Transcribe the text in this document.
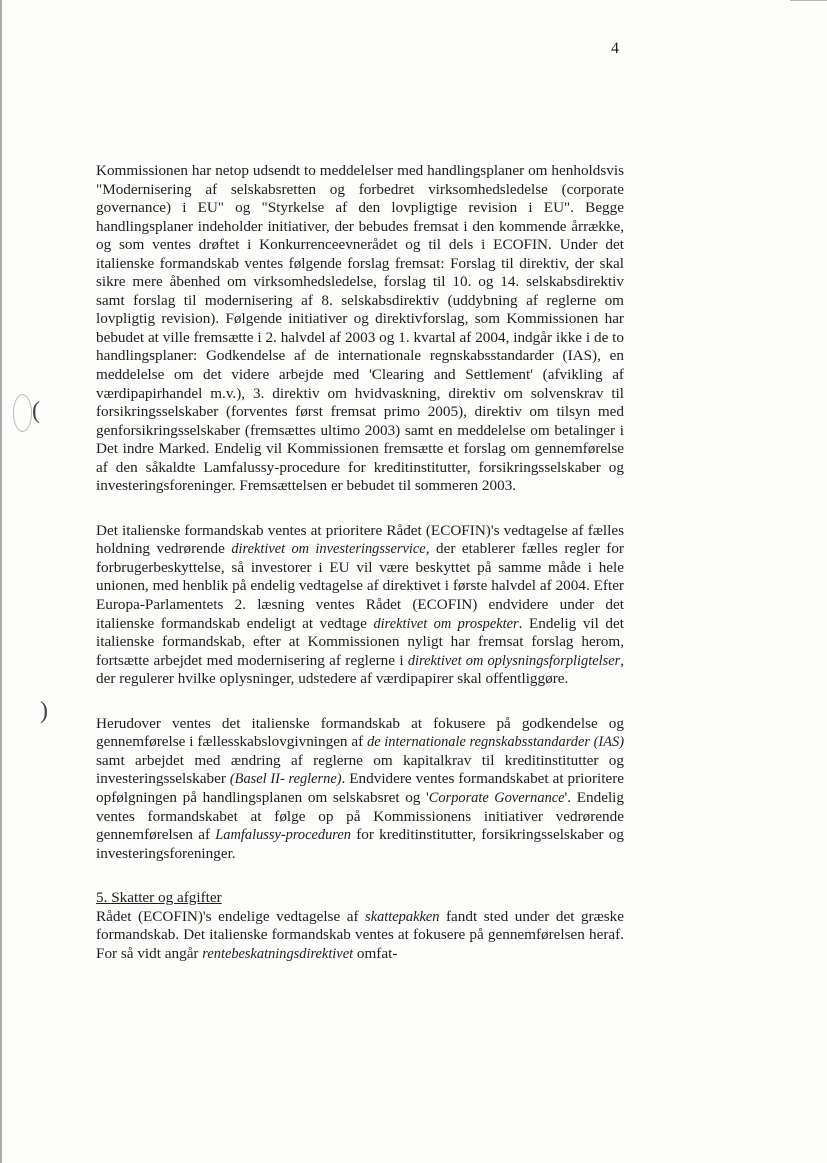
(
)
4

Kommissionen har netop udsendt to meddelelser med handlingsplaner om henholdsvis "Modernisering af selskabsretten og forbedret virksomhedsledelse (corporate governance) i EU" og "Styrkelse af den lovpligtige revision i EU". Begge handlingsplaner indeholder initiativer, der bebudes fremsat i den kommende årrække, og som ventes drøftet i Konkurrenceevnerådet og til dels i ECOFIN. Under det italienske formandskab ventes følgende forslag fremsat: Forslag til direktiv, der skal sikre mere åbenhed om virksomhedsledelse, forslag til 10. og 14. selskabsdirektiv samt forslag til modernisering af 8. selskabsdirektiv (uddybning af reglerne om lovpligtig revision). Følgende initiativer og direktivforslag, som Kommissionen har bebudet at ville fremsætte i 2. halvdel af 2003 og 1. kvartal af 2004, indgår ikke i de to handlingsplaner: Godkendelse af de internationale regnskabsstandarder (IAS), en meddelelse om det videre arbejde med 'Clearing and Settlement' (afvikling af værdipapirhandel m.v.), 3. direktiv om hvidvaskning, direktiv om solvenskrav til forsikringsselskaber (forventes først fremsat primo 2005), direktiv om tilsyn med genforsikringsselskaber (fremsættes ultimo 2003) samt en meddelelse om betalinger i Det indre Marked. Endelig vil Kommissionen fremsætte et forslag om gennemførelse af den såkaldte Lamfalussy-procedure for kreditinstitutter, forsikringsselskaber og investeringsforeninger. Fremsættelsen er bebudet til sommeren 2003.

Det italienske formandskab ventes at prioritere Rådet (ECOFIN)'s vedtagelse af fælles holdning vedrørende direktivet om investeringsservice, der etablerer fælles regler for forbrugerbeskyttelse, så investorer i EU vil være beskyttet på samme måde i hele unionen, med henblik på endelig vedtagelse af direktivet i første halvdel af 2004. Efter Europa-Parlamentets 2. læsning ventes Rådet (ECOFIN) endvidere under det italienske formandskab endeligt at vedtage direktivet om prospekter. Endelig vil det italienske formandskab, efter at Kommissionen nyligt har fremsat forslag herom, fortsætte arbejdet med modernisering af reglerne i direktivet om oplysningsforpligtelser, der regulerer hvilke oplysninger, udstedere af værdipapirer skal offentliggøre.

Herudover ventes det italienske formandskab at fokusere på godkendelse og gennemførelse i fællesskabslovgivningen af de internationale regnskabsstandarder (IAS) samt arbejdet med ændring af reglerne om kapitalkrav til kreditinstitutter og investeringsselskaber (Basel II- reglerne). Endvidere ventes formandskabet at prioritere opfølgningen på handlingsplanen om selskabsret og 'Corporate Governance'. Endelig ventes formandskabet at følge op på Kommissionens initiativer vedrørende gennemførelsen af Lamfalussy-proceduren for kreditinstitutter, forsikringsselskaber og investeringsforeninger.

5. Skatter og afgifter

Rådet (ECOFIN)'s endelige vedtagelse af skattepakken fandt sted under det græske formandskab. Det italienske formandskab ventes at fokusere på gennemførelsen heraf. For så vidt angår rentebeskatningsdirektivet omfat-
